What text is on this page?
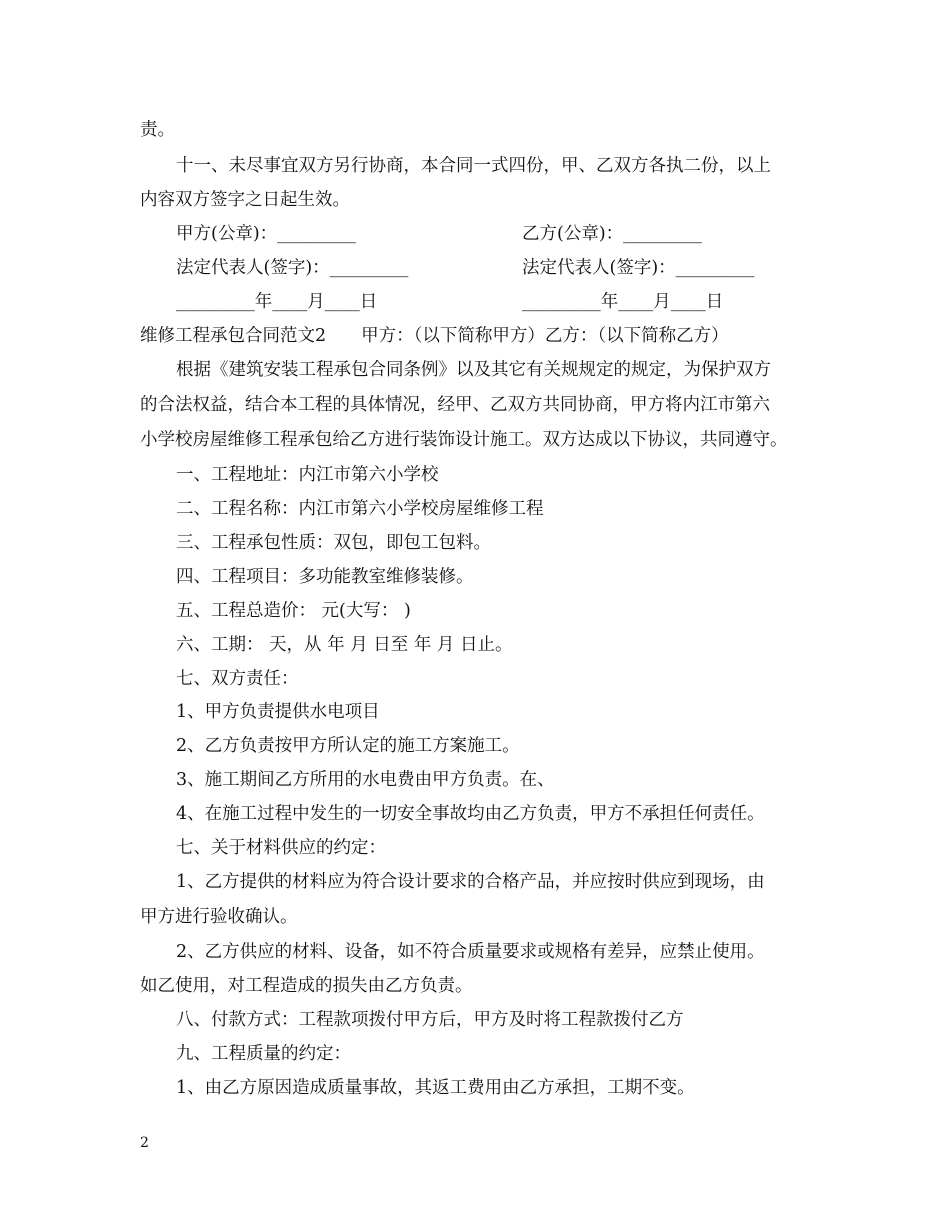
责。
十一、未尽事宜双方另行协商，本合同一式四份，甲、乙双方各执二份，以上
内容双方签字之日起生效。
甲方(公章)：_________	乙方(公章)：_________
法定代表人(签字)：_________	法定代表人(签字)：_________
_________年____月____日	_________年____月____日
维修工程承包合同范文2　　甲方：（以下简称甲方）乙方：（以下简称乙方）
根据《建筑安装工程承包合同条例》以及其它有关规规定的规定，为保护双方
的合法权益，结合本工程的具体情况，经甲、乙双方共同协商，甲方将内江市第六
小学校房屋维修工程承包给乙方进行装饰设计施工。双方达成以下协议，共同遵守。
一、工程地址：内江市第六小学校
二、工程名称：内江市第六小学校房屋维修工程
三、工程承包性质：双包，即包工包料。
四、工程项目：多功能教室维修装修。
五、工程总造价： 元(大写： )
六、工期： 天，从 年 月 日至 年 月 日止。
七、双方责任：
1、甲方负责提供水电项目
2、乙方负责按甲方所认定的施工方案施工。
3、施工期间乙方所用的水电费由甲方负责。在、
4、在施工过程中发生的一切安全事故均由乙方负责，甲方不承担任何责任。
七、关于材料供应的约定：
1、乙方提供的材料应为符合设计要求的合格产品，并应按时供应到现场，由
甲方进行验收确认。
2、乙方供应的材料、设备，如不符合质量要求或规格有差异，应禁止使用。
如乙使用，对工程造成的损失由乙方负责。
八、付款方式：工程款项拨付甲方后，甲方及时将工程款拨付乙方
九、工程质量的约定：
1、由乙方原因造成质量事故，其返工费用由乙方承担，工期不变。
2
